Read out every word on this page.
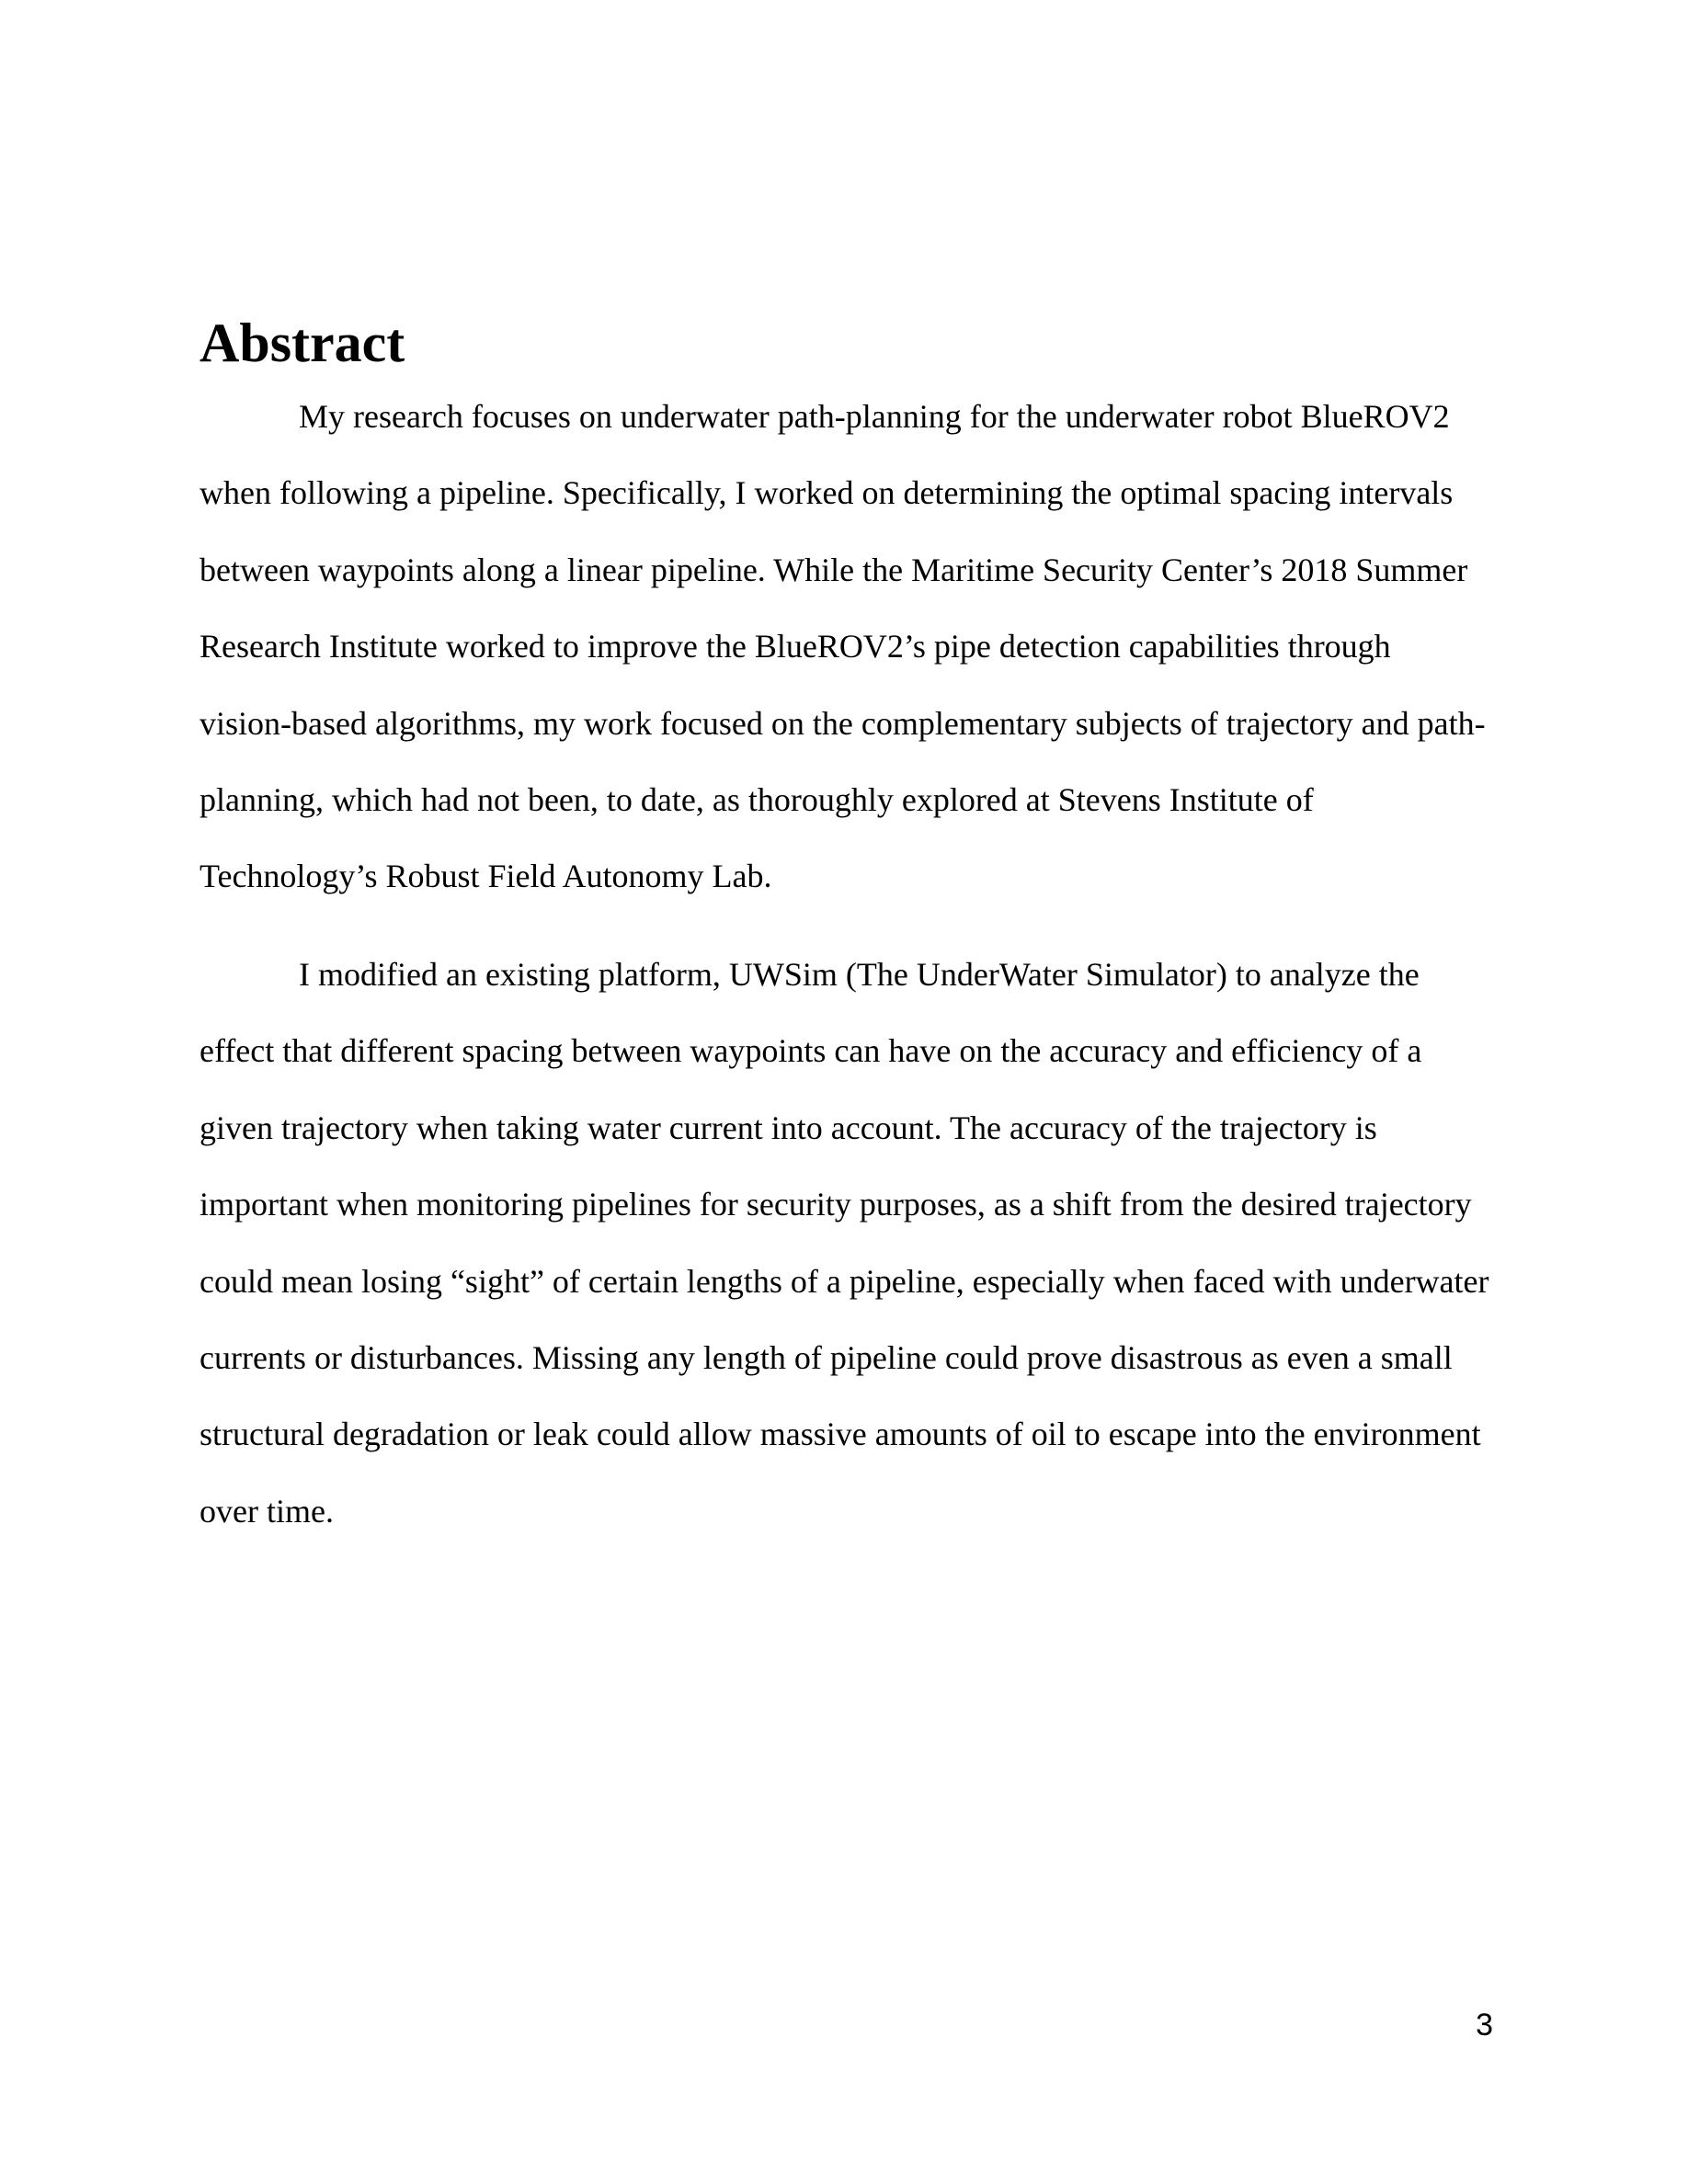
Abstract
My research focuses on underwater path-planning for the underwater robot BlueROV2
when following a pipeline. Specifically, I worked on determining the optimal spacing intervals
between waypoints along a linear pipeline. While the Maritime Security Center’s 2018 Summer
Research Institute worked to improve the BlueROV2’s pipe detection capabilities through
vision-based algorithms, my work focused on the complementary subjects of trajectory and path-
planning, which had not been, to date, as thoroughly explored at Stevens Institute of
Technology’s Robust Field Autonomy Lab.
I modified an existing platform, UWSim (The UnderWater Simulator) to analyze the
effect that different spacing between waypoints can have on the accuracy and efficiency of a
given trajectory when taking water current into account. The accuracy of the trajectory is
important when monitoring pipelines for security purposes, as a shift from the desired trajectory
could mean losing “sight” of certain lengths of a pipeline, especially when faced with underwater
currents or disturbances. Missing any length of pipeline could prove disastrous as even a small
structural degradation or leak could allow massive amounts of oil to escape into the environment
over time.
3
